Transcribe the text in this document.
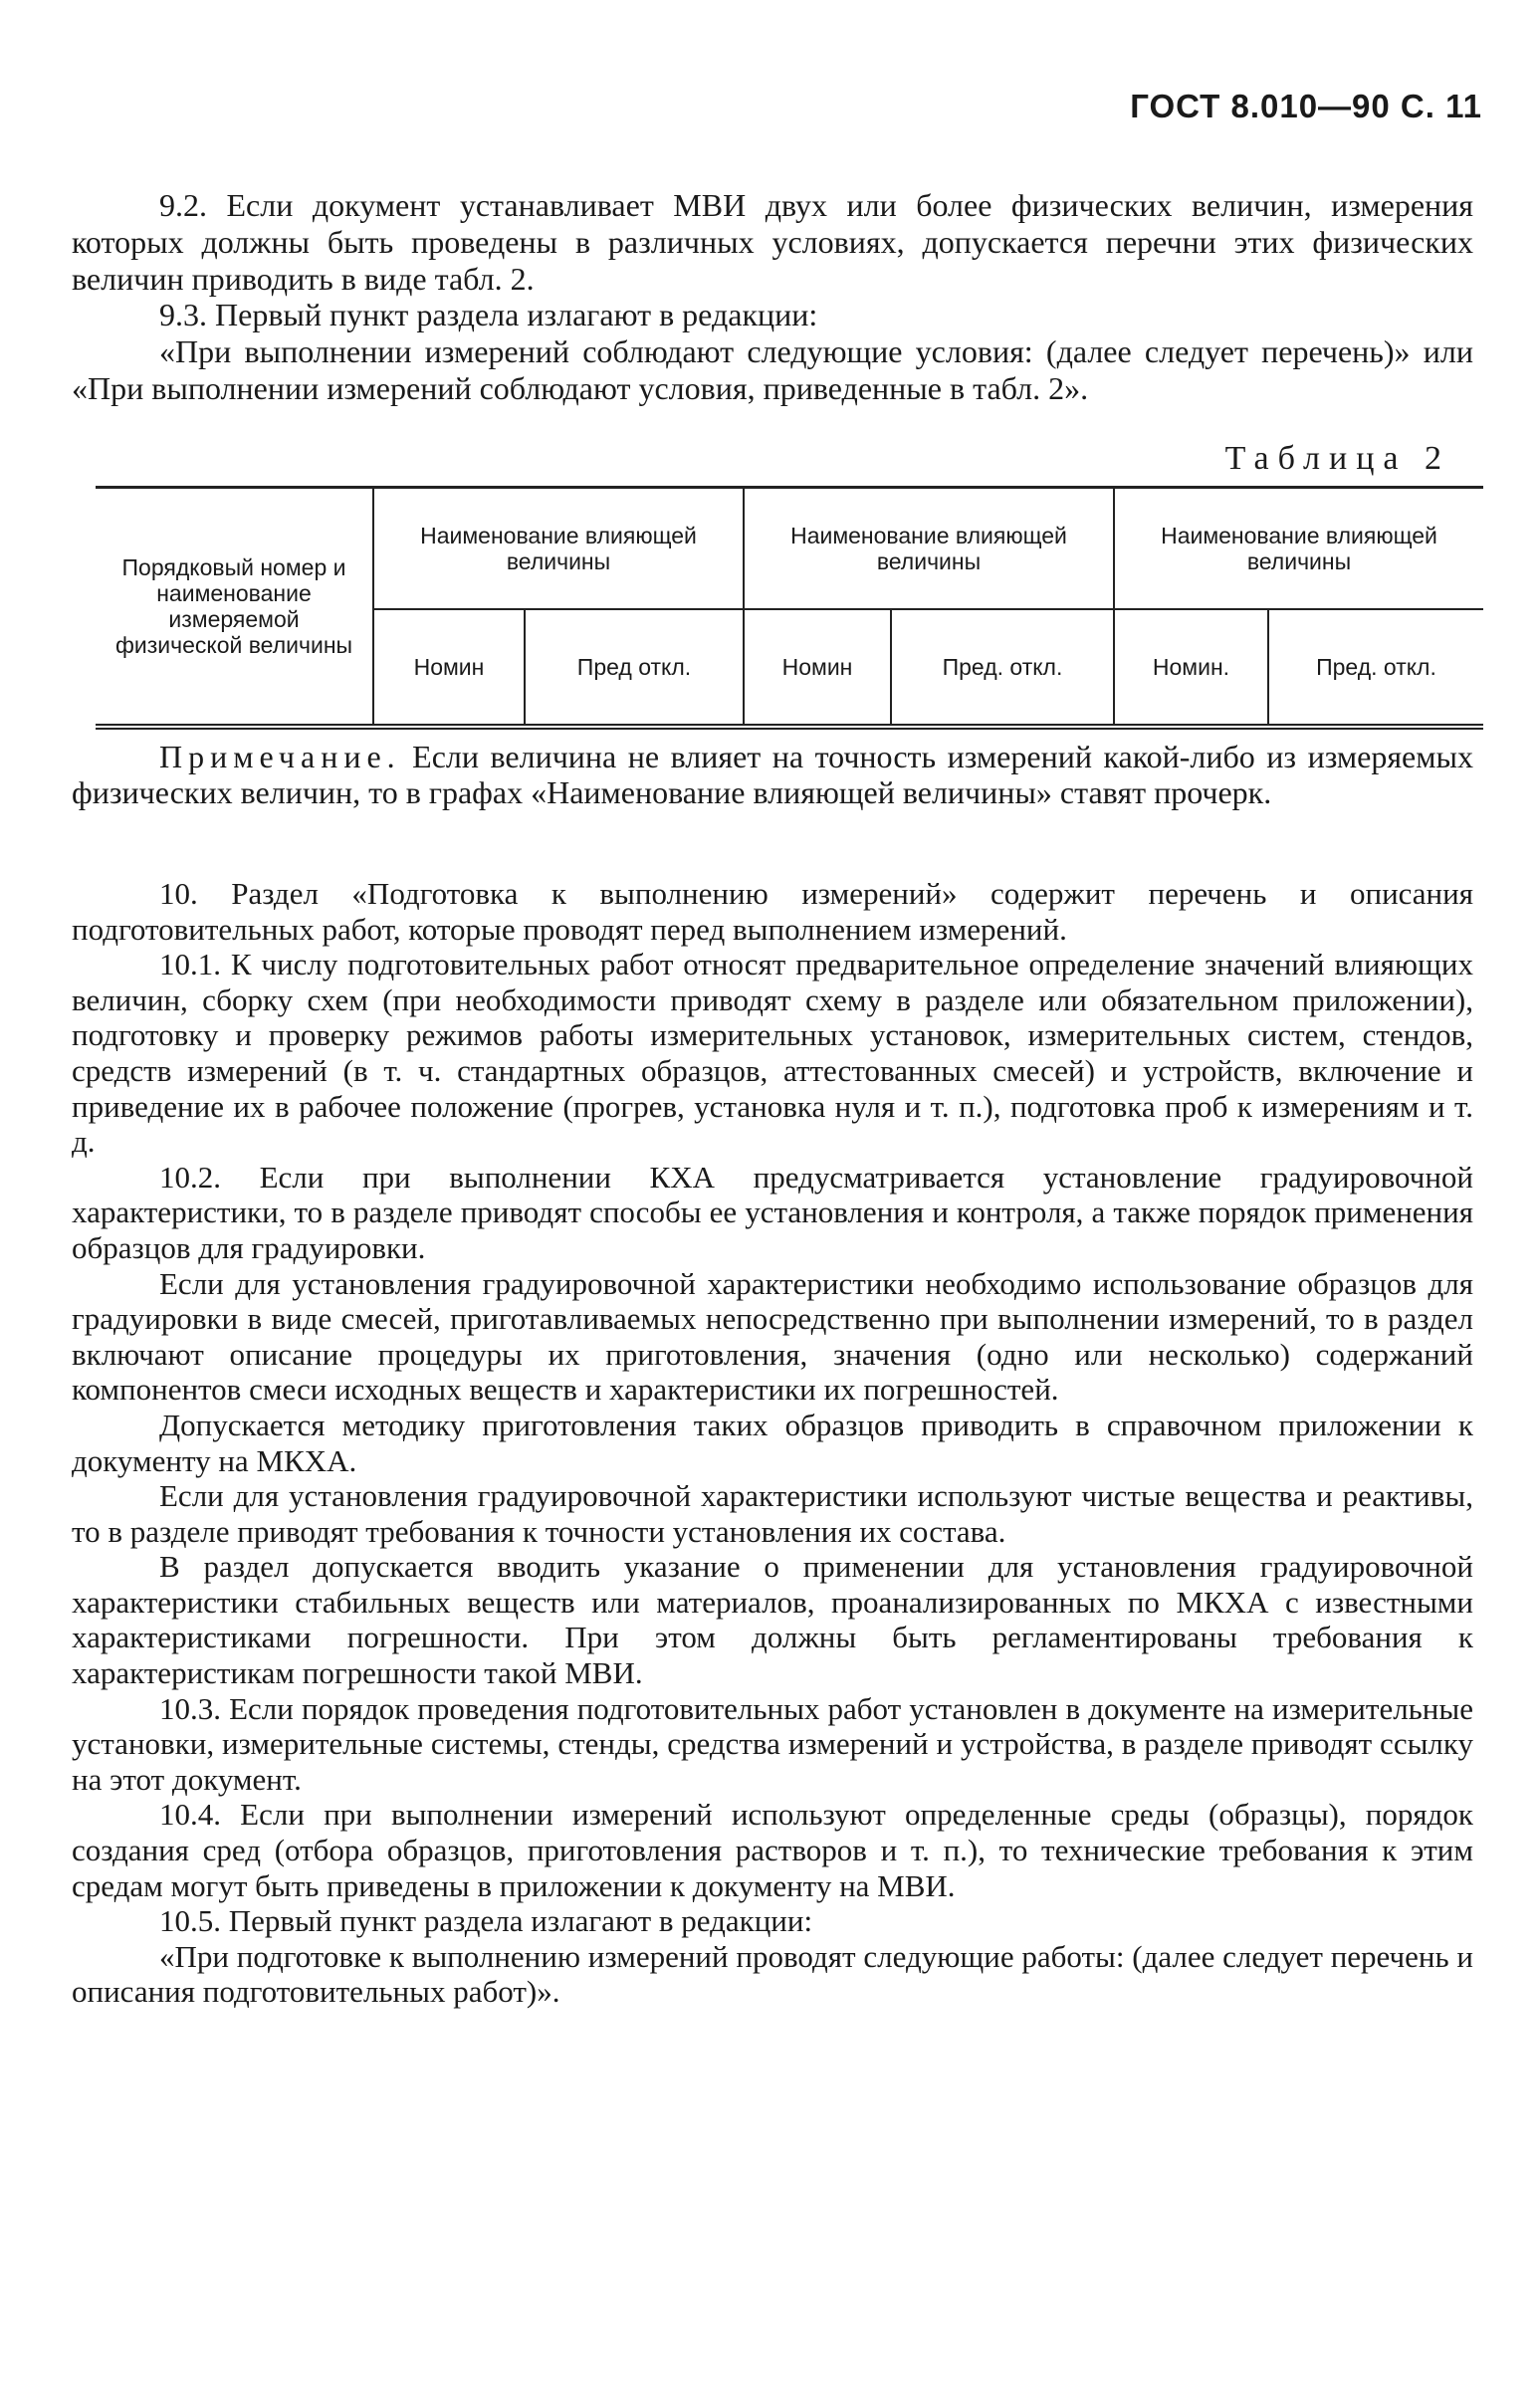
ГОСТ 8.010—90 С. 11

9.2. Если документ устанавливает МВИ двух или более физических величин, измерения которых должны быть проведены в различных условиях, допускается перечни этих физических величин приводить в виде табл. 2.

9.3. Первый пункт раздела излагают в редакции:

«При выполнении измерений соблюдают следующие условия: (далее следует перечень)» или «При выполнении измерений соблюдают условия, приведенные в табл. 2».

Таблица 2
Порядковый номер и наименование измеряемой физической величины	Наименование влияющей величины		Наименование влияющей величины		Наименование влияющей величины	
	Номин	Пред откл.	Номин	Пред. откл.	Номин.	Пред. откл.

Примечание. Если величина не влияет на точность измерений какой-либо из измеряемых физических величин, то в графах «Наименование влияющей величины» ставят прочерк.

10. Раздел «Подготовка к выполнению измерений» содержит перечень и описания подготовительных работ, которые проводят перед выполнением измерений.

10.1. К числу подготовительных работ относят предварительное определение значений влияющих величин, сборку схем (при необходимости приводят схему в разделе или обязательном приложении), подготовку и проверку режимов работы измерительных установок, измерительных систем, стендов, средств измерений (в т. ч. стандартных образцов, аттестованных смесей) и устройств, включение и приведение их в рабочее положение (прогрев, установка нуля и т. п.), подготовка проб к измерениям и т. д.

10.2. Если при выполнении КХА предусматривается установление градуировочной характеристики, то в разделе приводят способы ее установления и контроля, а также порядок применения образцов для градуировки.

Если для установления градуировочной характеристики необходимо использование образцов для градуировки в виде смесей, приготавливаемых непосредственно при выполнении измерений, то в раздел включают описание процедуры их приготовления, значения (одно или несколько) содержаний компонентов смеси исходных веществ и характеристики их погрешностей.

Допускается методику приготовления таких образцов приводить в справочном приложении к документу на МКХА.

Если для установления градуировочной характеристики используют чистые вещества и реактивы, то в разделе приводят требования к точности установления их состава.

В раздел допускается вводить указание о применении для установления градуировочной характеристики стабильных веществ или материалов, проанализированных по МКХА с известными характеристиками погрешности. При этом должны быть регламентированы требования к характеристикам погрешности такой МВИ.

10.3. Если порядок проведения подготовительных работ установлен в документе на измерительные установки, измерительные системы, стенды, средства измерений и устройства, в разделе приводят ссылку на этот документ.

10.4. Если при выполнении измерений используют определенные среды (образцы), порядок создания сред (отбора образцов, приготовления растворов и т. п.), то технические требования к этим средам могут быть приведены в приложении к документу на МВИ.

10.5. Первый пункт раздела излагают в редакции:

«При подготовке к выполнению измерений проводят следующие работы: (далее следует перечень и описания подготовительных работ)».
